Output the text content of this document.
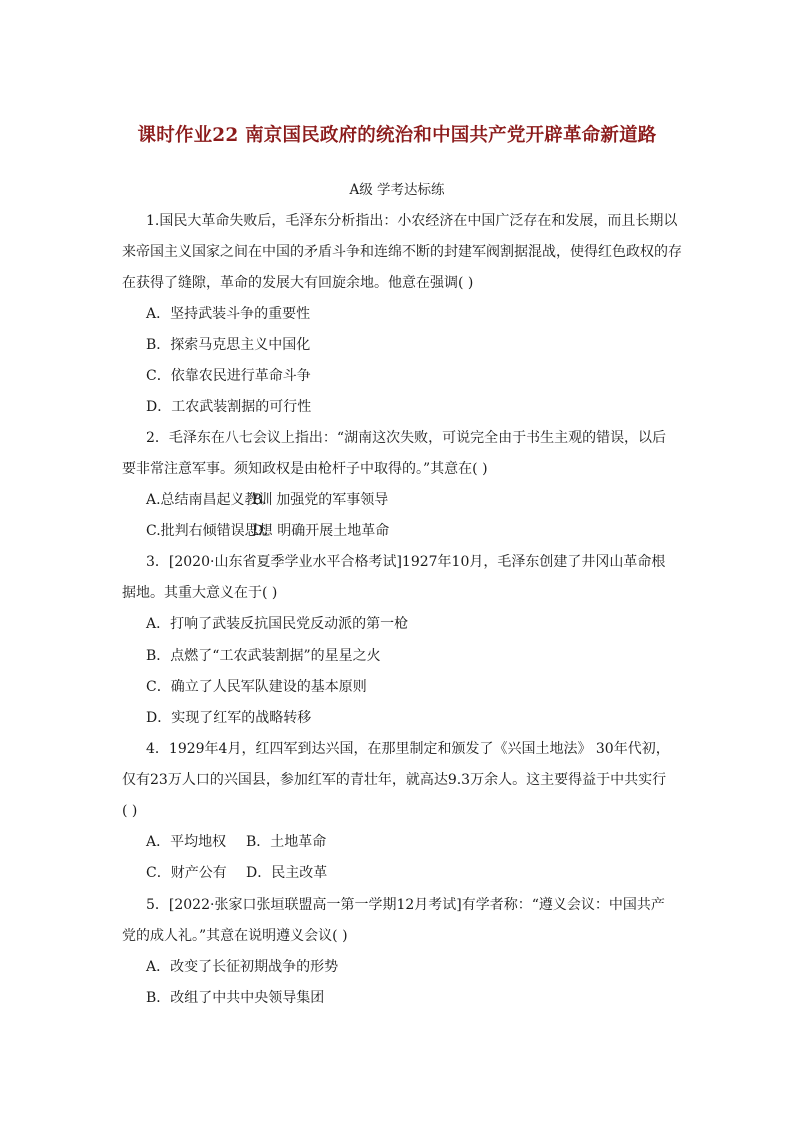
课时作业22 南京国民政府的统治和中国共产党开辟革命新道路
A级 学考达标练
1.国民大革命失败后，毛泽东分析指出：小农经济在中国广泛存在和发展，而且长期以
来帝国主义国家之间在中国的矛盾斗争和连绵不断的封建军阀割据混战，使得红色政权的存
在获得了缝隙，革命的发展大有回旋余地。他意在强调( )
A．坚持武装斗争的重要性
B．探索马克思主义中国化
C．依靠农民进行革命斗争
D．工农武装割据的可行性
2．毛泽东在八七会议上指出：“湖南这次失败，可说完全由于书生主观的错误，以后
要非常注意军事。须知政权是由枪杆子中取得的。”其意在( )
A.总结南昌起义教训
B．加强党的军事领导
C.批判右倾错误思想
D．明确开展土地革命
3．[2020·山东省夏季学业水平合格考试]1927年10月，毛泽东创建了井冈山革命根
据地。其重大意义在于( )
A．打响了武装反抗国民党反动派的第一枪
B．点燃了“工农武装割据”的星星之火
C．确立了人民军队建设的基本原则
D．实现了红军的战略转移
4．1929年4月，红四军到达兴国，在那里制定和颁发了《兴国土地法》 30年代初，
仅有23万人口的兴国县，参加红军的青壮年，就高达9.3万余人。这主要得益于中共实行
( )
A．平均地权 B．土地革命
C．财产公有 D．民主改革
5．[2022·张家口张垣联盟高一第一学期12月考试]有学者称：“遵义会议：中国共产
党的成人礼。”其意在说明遵义会议( )
A．改变了长征初期战争的形势
B．改组了中共中央领导集团
